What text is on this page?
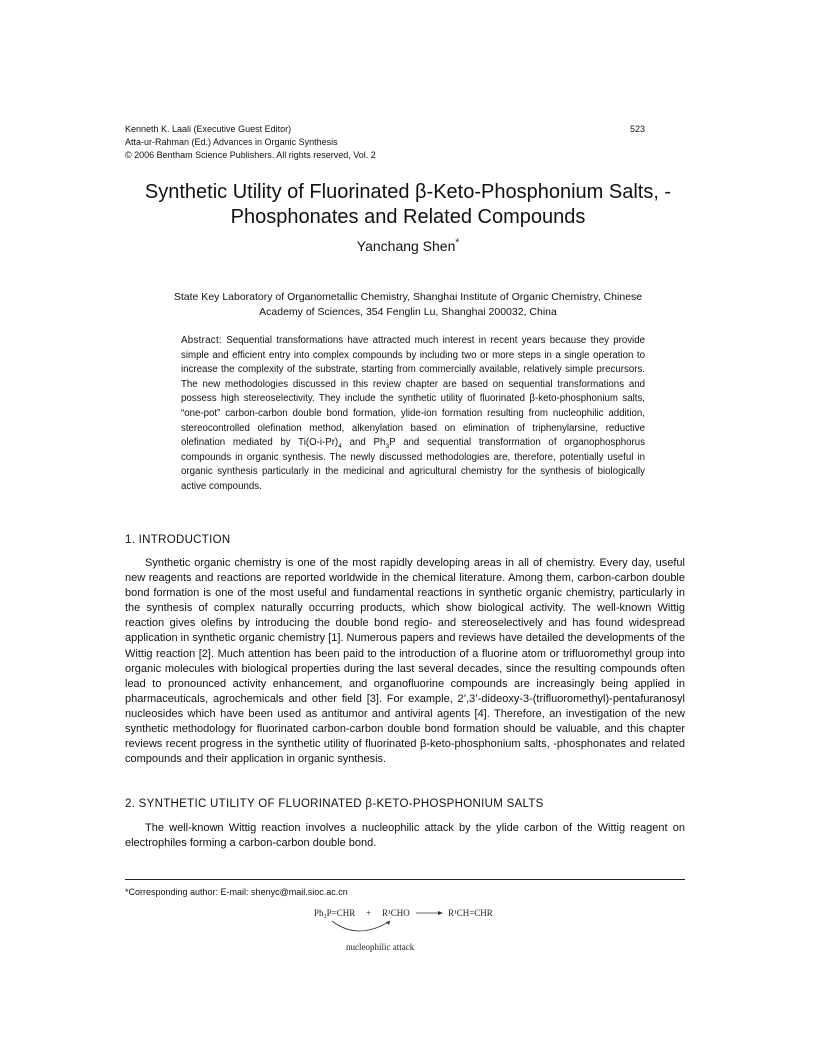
Kenneth K. Laali (Executive Guest Editor)
Atta-ur-Rahman (Ed.) Advances in Organic Synthesis
© 2006 Bentham Science Publishers. All rights reserved, Vol. 2
523
Synthetic Utility of Fluorinated β-Keto-Phosphonium Salts, -
Phosphonates and Related Compounds
Yanchang Shen*
State Key Laboratory of Organometallic Chemistry, Shanghai Institute of Organic Chemistry, Chinese
Academy of Sciences, 354 Fenglin Lu, Shanghai 200032, China
Abstract: Sequential transformations have attracted much interest in recent years because they provide simple and efficient entry into complex compounds by including two or more steps in a single operation to increase the complexity of the substrate, starting from commercially available, relatively simple precursors. The new methodologies discussed in this review chapter are based on sequential transformations and possess high stereoselectivity. They include the synthetic utility of fluorinated β-keto-phosphonium salts, “one-pot” carbon-carbon double bond formation, ylide-ion formation resulting from nucleophilic addition, stereocontrolled olefination method, alkenylation based on elimination of triphenylarsine, reductive olefination mediated by $Ti(O-i-Pr)_4$ and $Ph_3P$ and sequential transformation of organophosphorus compounds in organic synthesis. The newly discussed methodologies are, therefore, potentially useful in organic synthesis particularly in the medicinal and agricultural chemistry for the synthesis of biologically active compounds.
1. INTRODUCTION

Synthetic organic chemistry is one of the most rapidly developing areas in all of chemistry. Every day, useful new reagents and reactions are reported worldwide in the chemical literature. Among them, carbon-carbon double bond formation is one of the most useful and fundamental reactions in synthetic organic chemistry, particularly in the synthesis of complex naturally occurring products, which show biological activity. The well-known Wittig reaction gives olefins by introducing the double bond regio- and stereoselectively and has found widespread application in synthetic organic chemistry [1]. Numerous papers and reviews have detailed the developments of the Wittig reaction [2]. Much attention has been paid to the introduction of a fluorine atom or trifluoromethyl group into organic molecules with biological properties during the last several decades, since the resulting compounds often lead to pronounced activity enhancement, and organofluorine compounds are increasingly being applied in pharmaceuticals, agrochemicals and other field [3]. For example, 2’,3’-dideoxy-3-(trifluoromethyl)-pentafuranosyl nucleosides which have been used as antitumor and antiviral agents [4]. Therefore, an investigation of the new synthetic methodology for fluorinated carbon-carbon double bond formation should be valuable, and this chapter reviews recent progress in the synthetic utility of fluorinated β-keto-phosphonium salts, -phosphonates and related compounds and their application in organic synthesis.

2. SYNTHETIC UTILITY OF FLUORINATED β-KETO-PHOSPHONIUM SALTS

The well-known Wittig reaction involves a nucleophilic attack by the ylide carbon of the Wittig reagent on electrophiles forming a carbon-carbon double bond.

*Corresponding author: E-mail: shenyc@mail.sioc.ac.cn
Ph₃P=CHR + R¹CHO	R¹CH=CHR
nucleophilic attack
